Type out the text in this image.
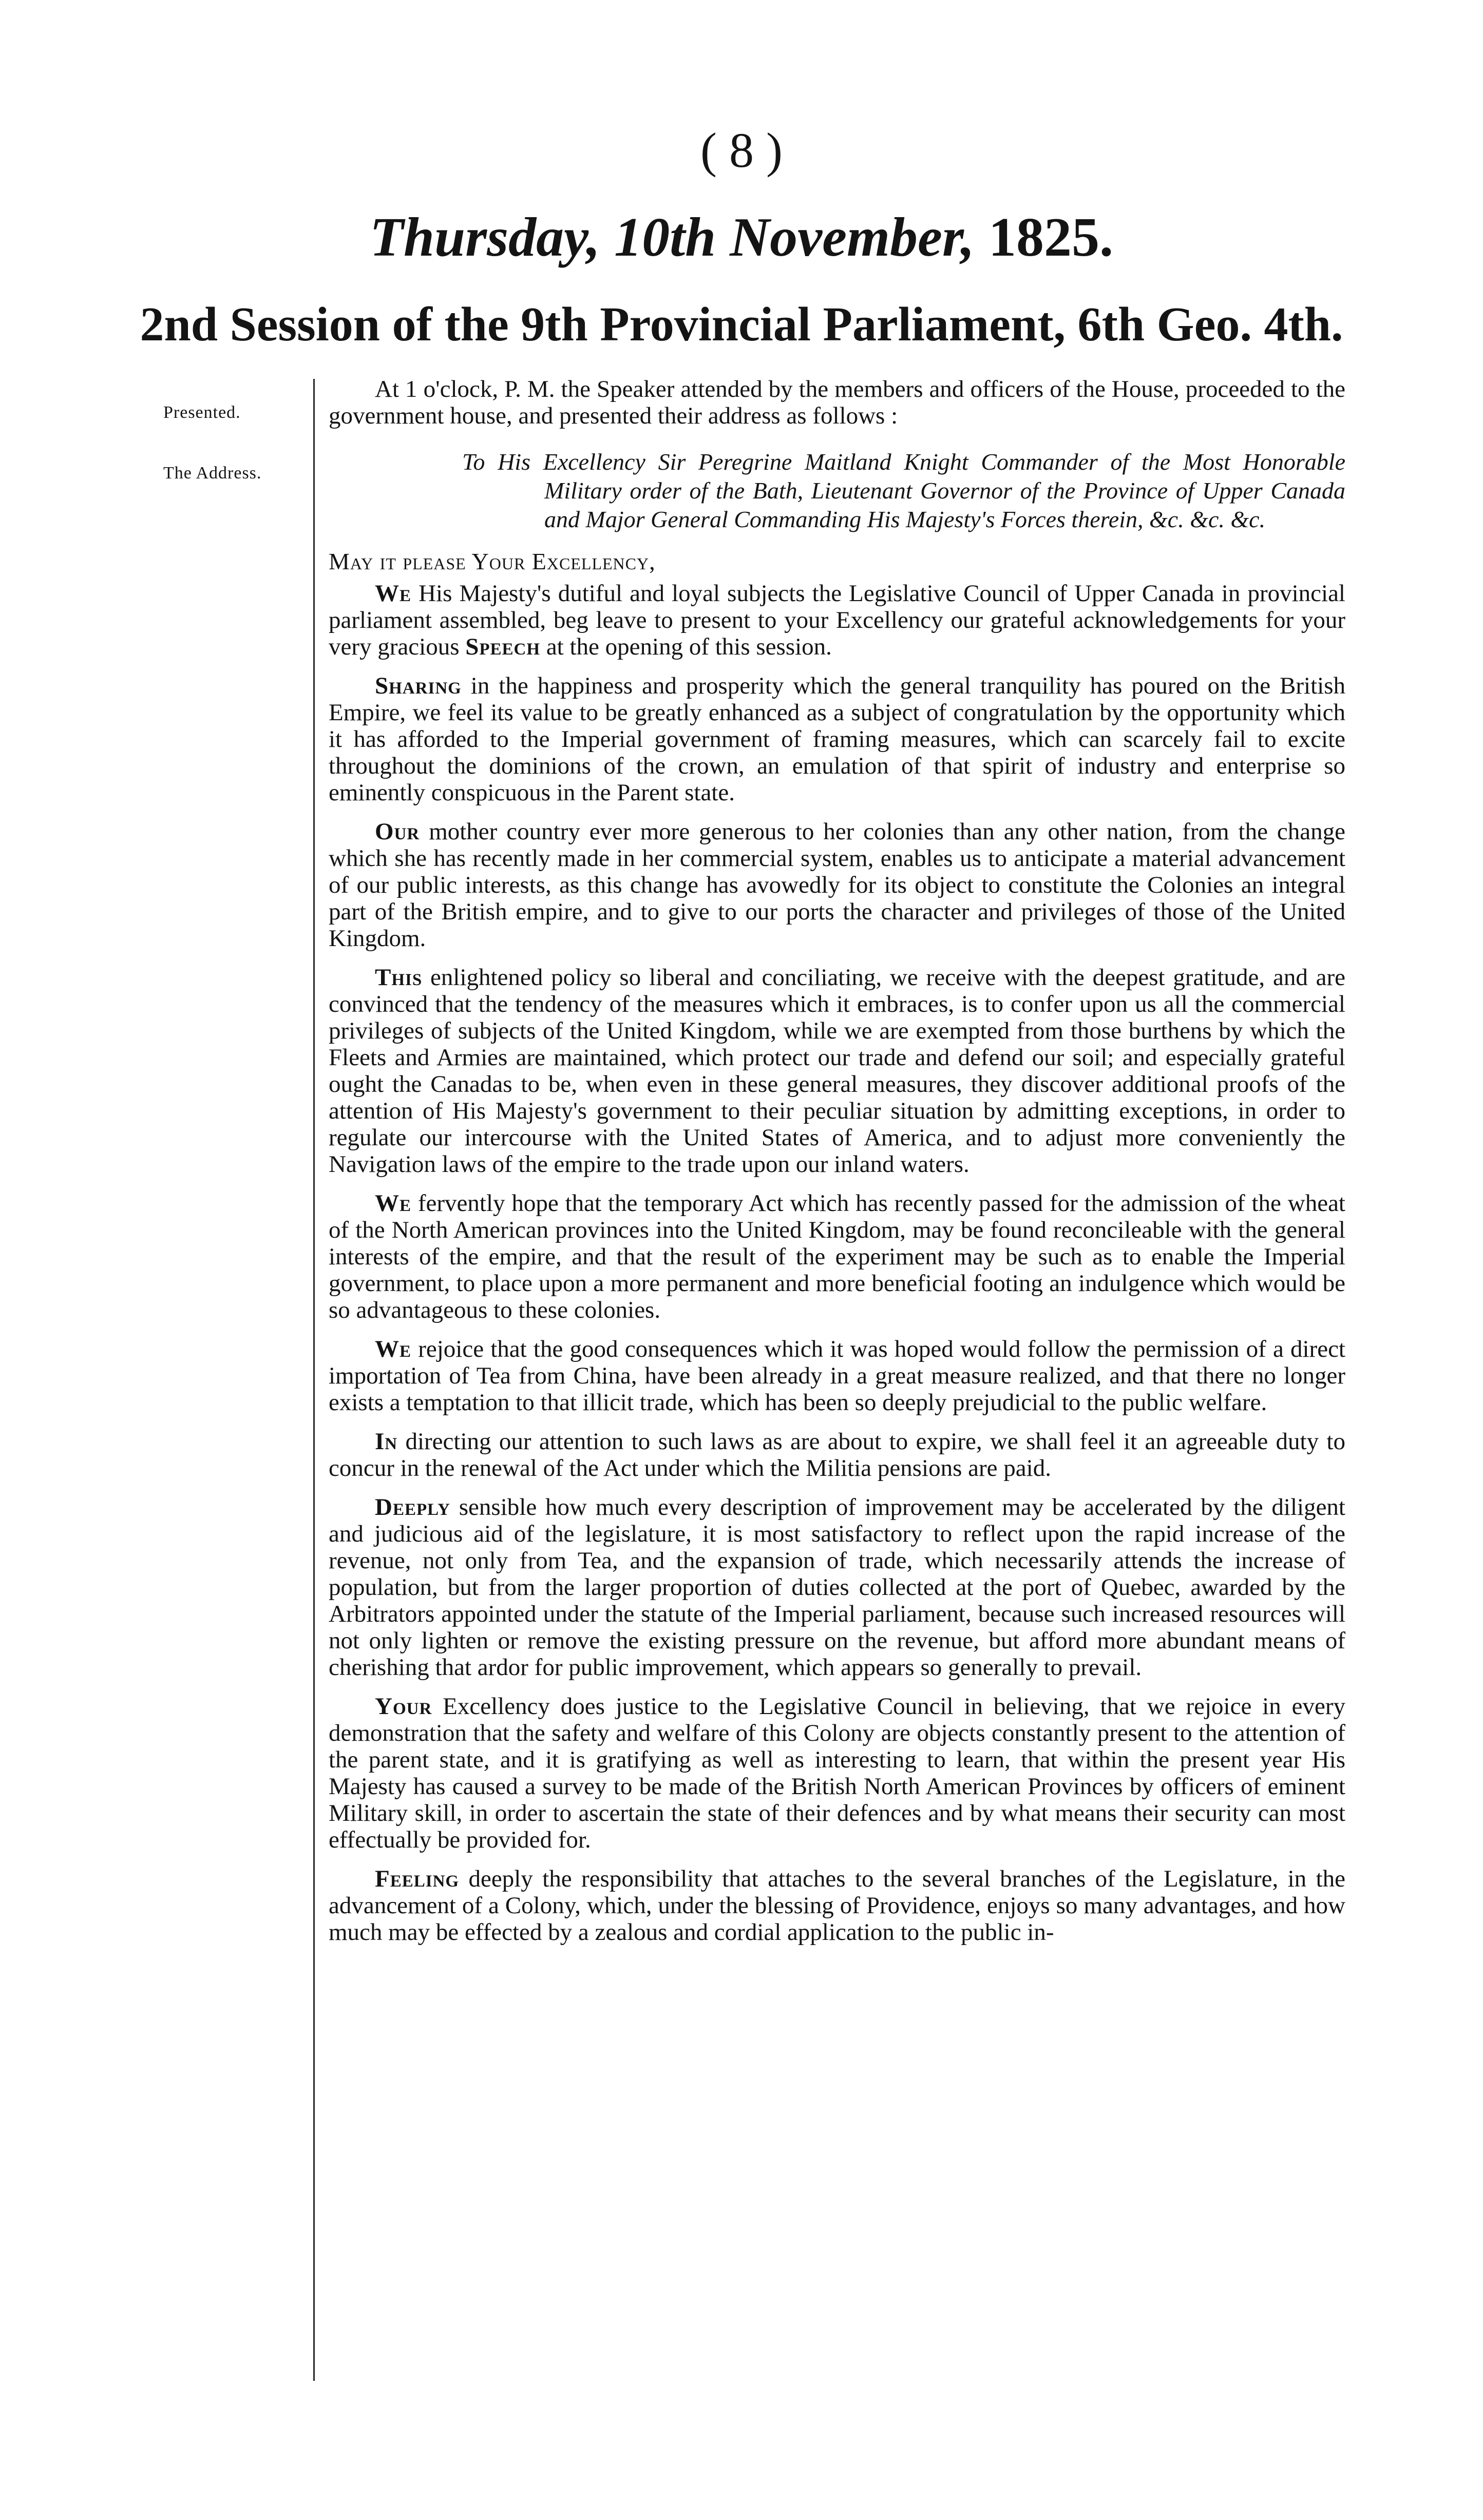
( 8 )
Thursday, 10th November, 1825.
2nd Session of the 9th Provincial Parliament, 6th Geo. 4th.
Presented.
The Address.

At 1 o'clock, P. M. the Speaker attended by the members and officers of the House, proceeded to the government house, and presented their address as follows :

To His Excellency Sir Peregrine Maitland Knight Commander of the Most Honorable Military order of the Bath, Lieutenant Governor of the Province of Upper Canada and Major General Commanding His Majesty's Forces therein, &c. &c. &c.
May it please Your Excellency,

We His Majesty's dutiful and loyal subjects the Legislative Council of Upper Canada in provincial parliament assembled, beg leave to present to your Excellency our grateful acknowledgements for your very gracious Speech at the opening of this session.

Sharing in the happiness and prosperity which the general tranquility has poured on the British Empire, we feel its value to be greatly enhanced as a subject of congratulation by the opportunity which it has afforded to the Imperial government of framing measures, which can scarcely fail to excite throughout the dominions of the crown, an emulation of that spirit of industry and enterprise so eminently conspicuous in the Parent state.

Our mother country ever more generous to her colonies than any other nation, from the change which she has recently made in her commercial system, enables us to anticipate a material advancement of our public interests, as this change has avowedly for its object to constitute the Colonies an integral part of the British empire, and to give to our ports the character and privileges of those of the United Kingdom.

This enlightened policy so liberal and conciliating, we receive with the deepest gratitude, and are convinced that the tendency of the measures which it embraces, is to confer upon us all the commercial privileges of subjects of the United Kingdom, while we are exempted from those burthens by which the Fleets and Armies are maintained, which protect our trade and defend our soil; and especially grateful ought the Canadas to be, when even in these general measures, they discover additional proofs of the attention of His Majesty's government to their peculiar situation by admitting exceptions, in order to regulate our intercourse with the United States of America, and to adjust more conveniently the Navigation laws of the empire to the trade upon our inland waters.

We fervently hope that the temporary Act which has recently passed for the admission of the wheat of the North American provinces into the United Kingdom, may be found reconcileable with the general interests of the empire, and that the result of the experiment may be such as to enable the Imperial government, to place upon a more permanent and more beneficial footing an indulgence which would be so advantageous to these colonies.

We rejoice that the good consequences which it was hoped would follow the permission of a direct importation of Tea from China, have been already in a great measure realized, and that there no longer exists a temptation to that illicit trade, which has been so deeply prejudicial to the public welfare.

In directing our attention to such laws as are about to expire, we shall feel it an agreeable duty to concur in the renewal of the Act under which the Militia pensions are paid.

Deeply sensible how much every description of improvement may be accelerated by the diligent and judicious aid of the legislature, it is most satisfactory to reflect upon the rapid increase of the revenue, not only from Tea, and the expansion of trade, which necessarily attends the increase of population, but from the larger proportion of duties collected at the port of Quebec, awarded by the Arbitrators appointed under the statute of the Imperial parliament, because such increased resources will not only lighten or remove the existing pressure on the revenue, but afford more abundant means of cherishing that ardor for public improvement, which appears so generally to prevail.

Your Excellency does justice to the Legislative Council in believing, that we rejoice in every demonstration that the safety and welfare of this Colony are objects constantly present to the attention of the parent state, and it is gratifying as well as interesting to learn, that within the present year His Majesty has caused a survey to be made of the British North American Provinces by officers of eminent Military skill, in order to ascertain the state of their defences and by what means their security can most effectually be provided for.

Feeling deeply the responsibility that attaches to the several branches of the Legislature, in the advancement of a Colony, which, under the blessing of Providence, enjoys so many advantages, and how much may be effected by a zealous and cordial application to the public in-
